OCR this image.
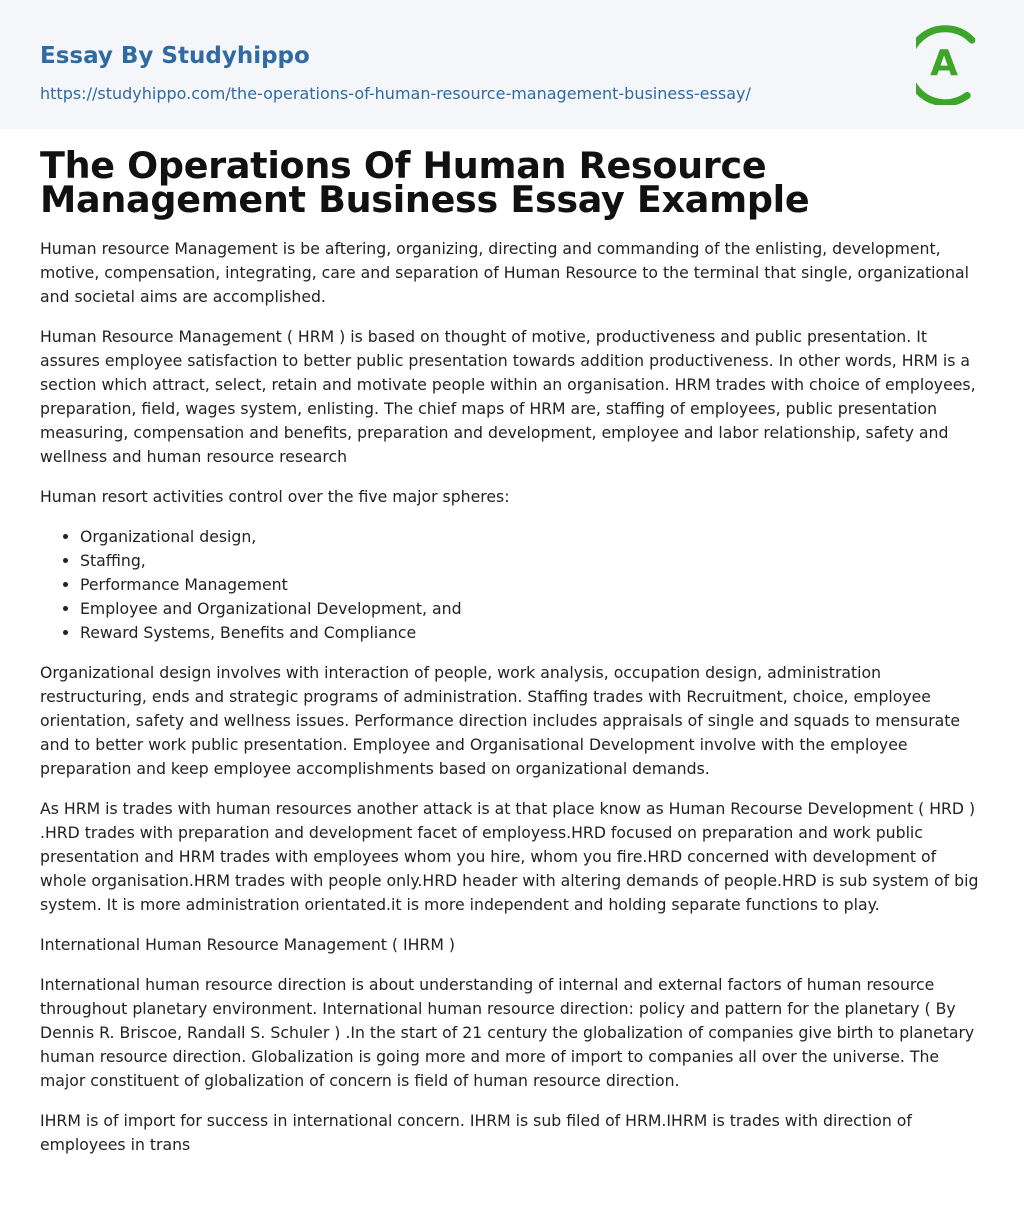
Essay By Studyhippo
https://studyhippo.com/the-operations-of-human-resource-management-business-essay/
A
The Operations Of Human Resource Management Business Essay Example

Human resource Management is be aftering, organizing, directing and commanding of the enlisting, development, motive, compensation, integrating, care and separation of Human Resource to the terminal that single, organizational and societal aims are accomplished.

Human Resource Management ( HRM ) is based on thought of motive, productiveness and public presentation. It assures employee satisfaction to better public presentation towards addition productiveness. In other words, HRM is a section which attract, select, retain and motivate people within an organisation. HRM trades with choice of employees, preparation, field, wages system, enlisting. The chief maps of HRM are, staffing of employees, public presentation measuring, compensation and benefits, preparation and development, employee and labor relationship, safety and wellness and human resource research

Human resort activities control over the five major spheres:

• Organizational design,
• Staffing,
• Performance Management
• Employee and Organizational Development, and
• Reward Systems, Benefits and Compliance

Organizational design involves with interaction of people, work analysis, occupation design, administration restructuring, ends and strategic programs of administration. Staffing trades with Recruitment, choice, employee orientation, safety and wellness issues. Performance direction includes appraisals of single and squads to mensurate and to better work public presentation. Employee and Organisational Development involve with the employee preparation and keep employee accomplishments based on organizational demands.

As HRM is trades with human resources another attack is at that place know as Human Recourse Development ( HRD ) .HRD trades with preparation and development facet of employess.HRD focused on preparation and work public presentation and HRM trades with employees whom you hire, whom you fire.HRD concerned with development of whole organisation.HRM trades with people only.HRD header with altering demands of people.HRD is sub system of big system. It is more administration orientated.it is more independent and holding separate functions to play.

International Human Resource Management ( IHRM )

International human resource direction is about understanding of internal and external factors of human resource throughout planetary environment. International human resource direction: policy and pattern for the planetary ( By Dennis R. Briscoe, Randall S. Schuler ) .In the start of 21 century the globalization of companies give birth to planetary human resource direction. Globalization is going more and more of import to companies all over the universe. The major constituent of globalization of concern is field of human resource direction.

IHRM is of import for success in international concern. IHRM is sub filed of HRM.IHRM is trades with direction of employees in trans
